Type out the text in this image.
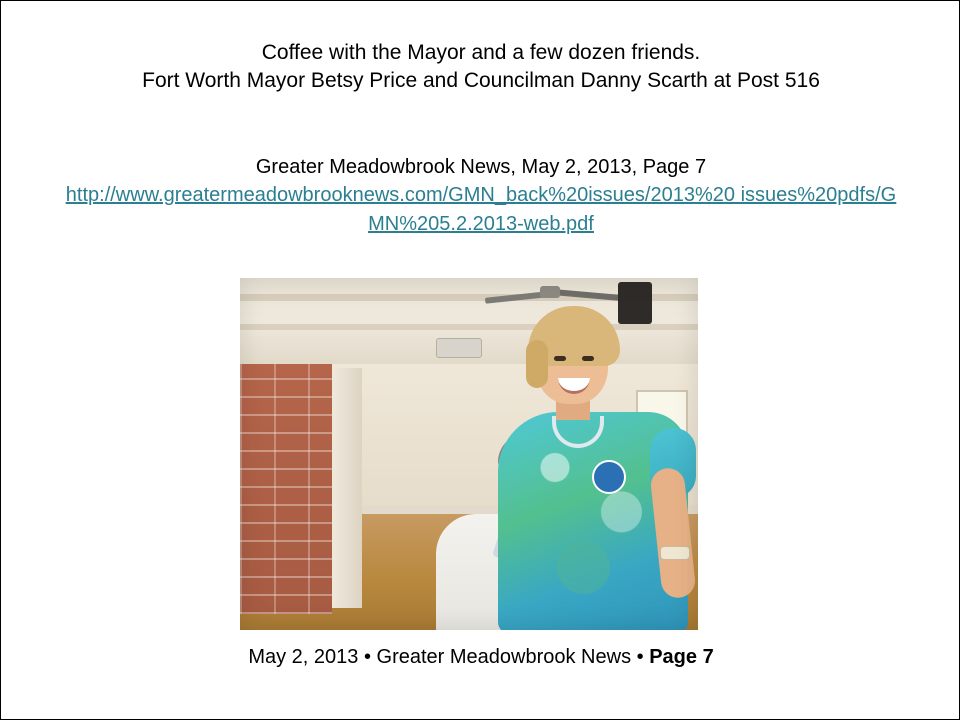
Coffee with the Mayor and a few dozen friends.
Fort Worth Mayor Betsy Price and Councilman Danny Scarth at Post 516
Greater Meadowbrook News, May 2, 2013, Page 7
http://www.greatermeadowbrooknews.com/GMN_back%20issues/2013%20 issues%20pdfs/GMN%205.2.2013-web.pdf
May 2, 2013 • Greater Meadowbrook News • Page 7
